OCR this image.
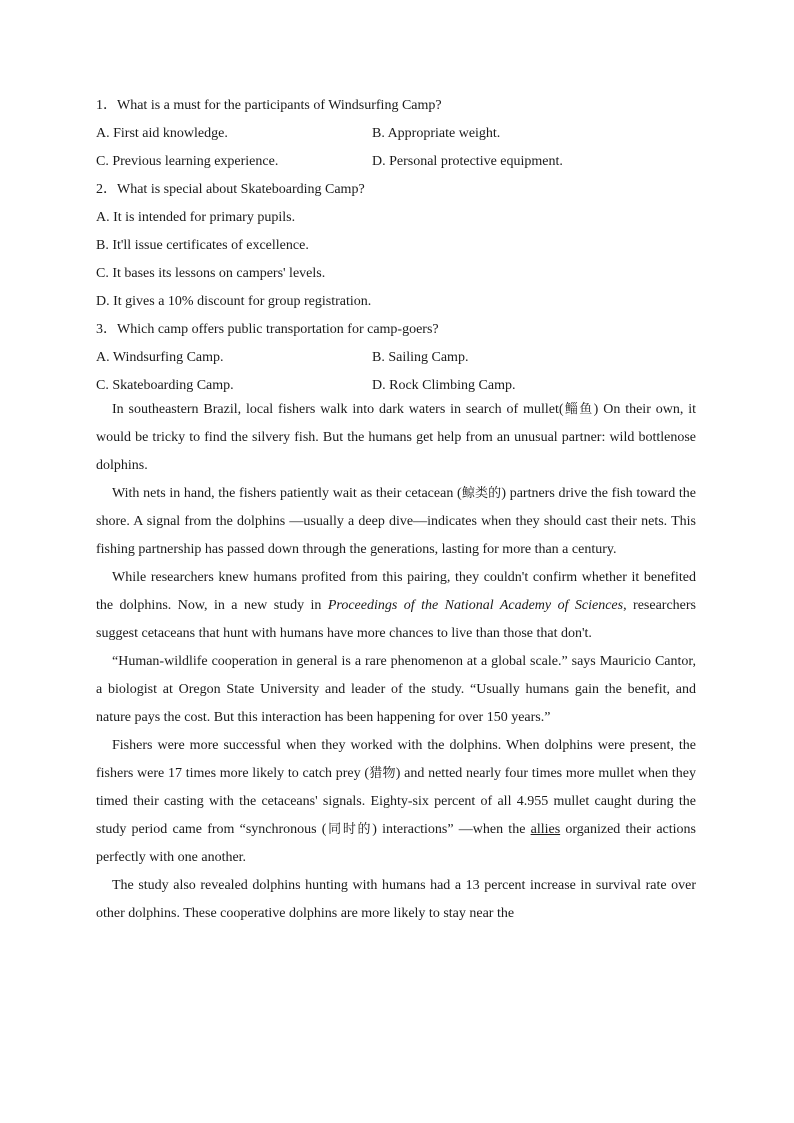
1．What is a must for the participants of Windsurfing Camp?
A. First aid knowledge.	B. Appropriate weight.
C. Previous learning experience.	D. Personal protective equipment.
2．What is special about Skateboarding Camp?
A. It is intended for primary pupils.
B. It'll issue certificates of excellence.
C. It bases its lessons on campers' levels.
D. It gives a 10% discount for group registration.
3．Which camp offers public transportation for camp-goers?
A. Windsurfing Camp.	B. Sailing Camp.
C. Skateboarding Camp.	D. Rock Climbing Camp.

In southeastern Brazil, local fishers walk into dark waters in search of mullet(鲻鱼) On their own, it would be tricky to find the silvery fish. But the humans get help from an unusual partner: wild bottlenose dolphins.

With nets in hand, the fishers patiently wait as their cetacean (鲸类的) partners drive the fish toward the shore. A signal from the dolphins —usually a deep dive—indicates when they should cast their nets. This fishing partnership has passed down through the generations, lasting for more than a century.

While researchers knew humans profited from this pairing, they couldn't confirm whether it benefited the dolphins. Now, in a new study in Proceedings of the National Academy of Sciences, researchers suggest cetaceans that hunt with humans have more chances to live than those that don't.

“Human-wildlife cooperation in general is a rare phenomenon at a global scale.” says Mauricio Cantor, a biologist at Oregon State University and leader of the study. “Usually humans gain the benefit, and nature pays the cost. But this interaction has been happening for over 150 years.”

Fishers were more successful when they worked with the dolphins. When dolphins were present, the fishers were 17 times more likely to catch prey (猎物) and netted nearly four times more mullet when they timed their casting with the cetaceans' signals. Eighty-six percent of all 4.955 mullet caught during the study period came from “synchronous (同时的) interactions” —when the allies organized their actions perfectly with one another.

The study also revealed dolphins hunting with humans had a 13 percent increase in survival rate over other dolphins. These cooperative dolphins are more likely to stay near the
